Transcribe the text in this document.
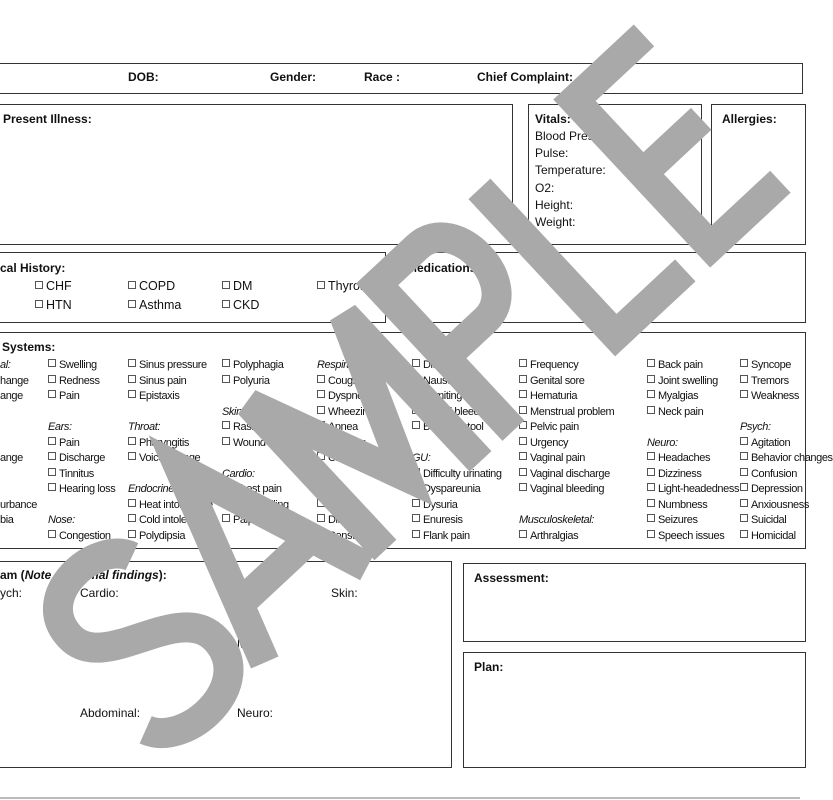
DOB:	Gender:	Race :	Chief Complaint:
Present Illness:	Vitals:
Blood Press
Pulse:
Temperature:
O2:
Height:
Weight:
Allergies:
cal History:
CHF	COPD	DM	Thyroid
HTN	Asthma	CKD
Medications:
Systems:
al:
hange
ange
ange
urbance
bia
Swelling
Redness
Pain
Ears:
Pain
Discharge
Tinnitus
Hearing loss
Nose:
Congestion
Sinus pressure
Sinus pain
Epistaxis
Throat:
Pharyngitis
Voice change
Endocrine:
Heat intolerance
Cold intolerance
Polydipsia
Polyphagia
Polyuria
Skin:
Rash
Wound
Cardio:
Chest pain
Leg swelling
Palpitations
Respiratory:
Cough
Dyspnea
Wheezing
Apnea
Choking
Chest tightness
GI:
Pain
Distention
Constipation
Diarrhea
Nausea
Vomiting
Rectal bleeding
Blood in stool
GU:
Difficulty urinating
Dyspareunia
Dysuria
Enuresis
Flank pain
Frequency
Genital sore
Hematuria
Menstrual problem
Pelvic pain
Urgency
Vaginal pain
Vaginal discharge
Vaginal bleeding
Musculoskeletal:
Arthralgias
Back pain
Joint swelling
Myalgias
Neck pain
Neuro:
Headaches
Dizziness
Light-headedness
Numbness
Seizures
Speech issues
Syncope
Tremors
Weakness
Psych:
Agitation
Behavior changes
Confusion
Depression
Anxiousness
Suicidal
Homicidal
am (Note abnormal findings):
ych:	Cardio:	GU:	Skin:
Pulmonary:	Musc:
Abdominal:	Neuro:
Assessment:
Plan:
